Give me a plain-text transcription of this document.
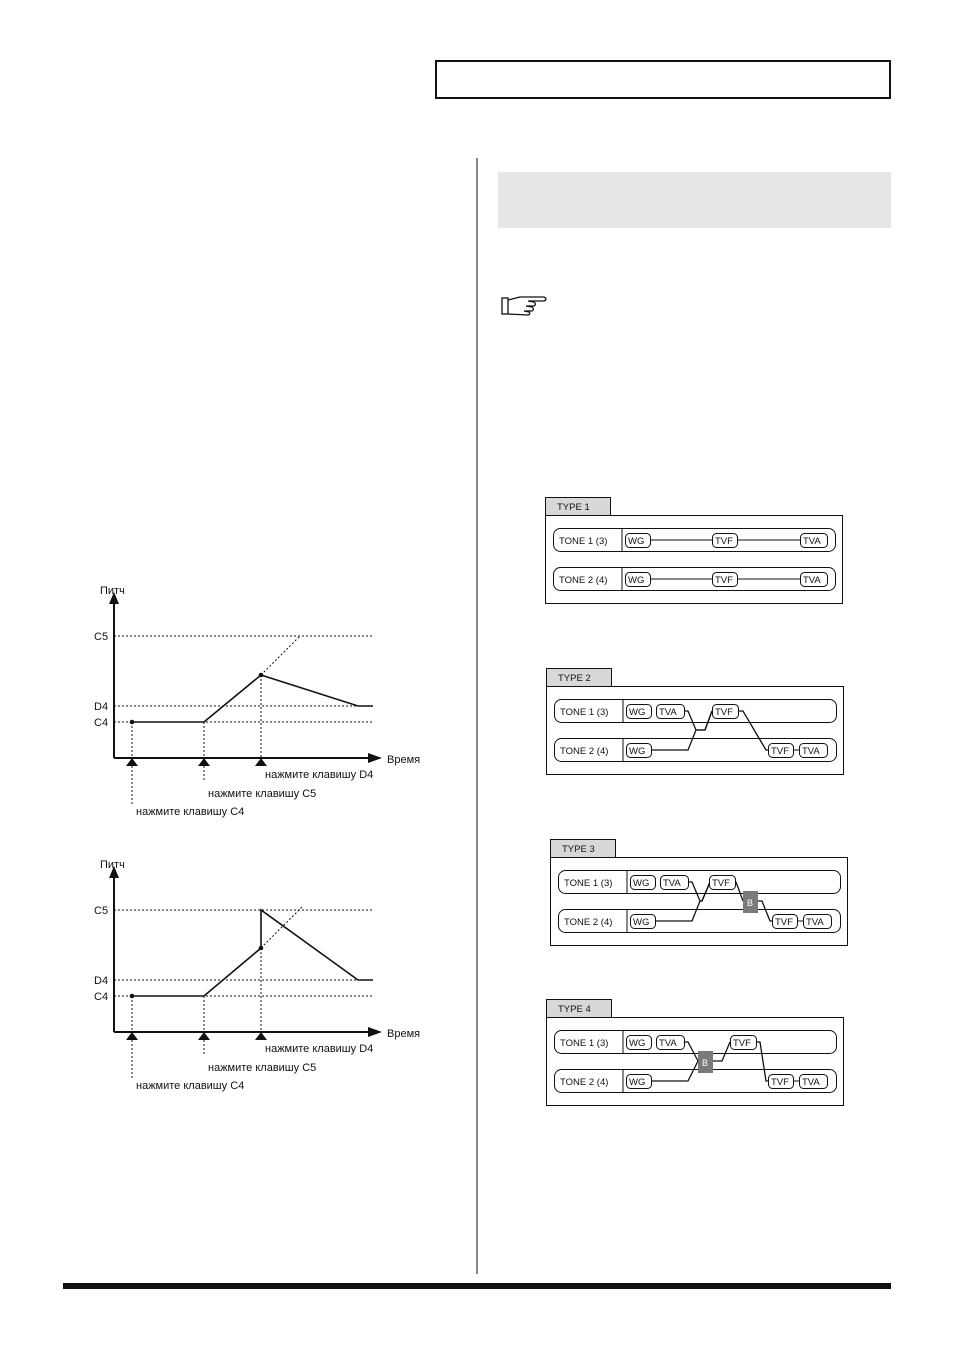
Питч
Время
C5
D4
C4
нажмите клавишу D4
нажмите клавишу C5
нажмите клавишу C4
Питч
Время
C5
D4
C4
нажмите клавишу D4
нажмите клавишу C5
нажмите клавишу C4
TYPE 1
TONE 1 (3)
TONE 2 (4)
WG	TVF	TVA
WG	TVF	TVA
TYPE 2
TONE 1 (3)
TONE 2 (4)
WG TVA	TVF
WG	TVF TVA
TYPE 3
TONE 1 (3)
TONE 2 (4)
B
WG TVA	TVF
WG	TVF TVA
TYPE 4
TONE 1 (3)
TONE 2 (4)
B
WG TVA	TVF
WG	TVF TVA
